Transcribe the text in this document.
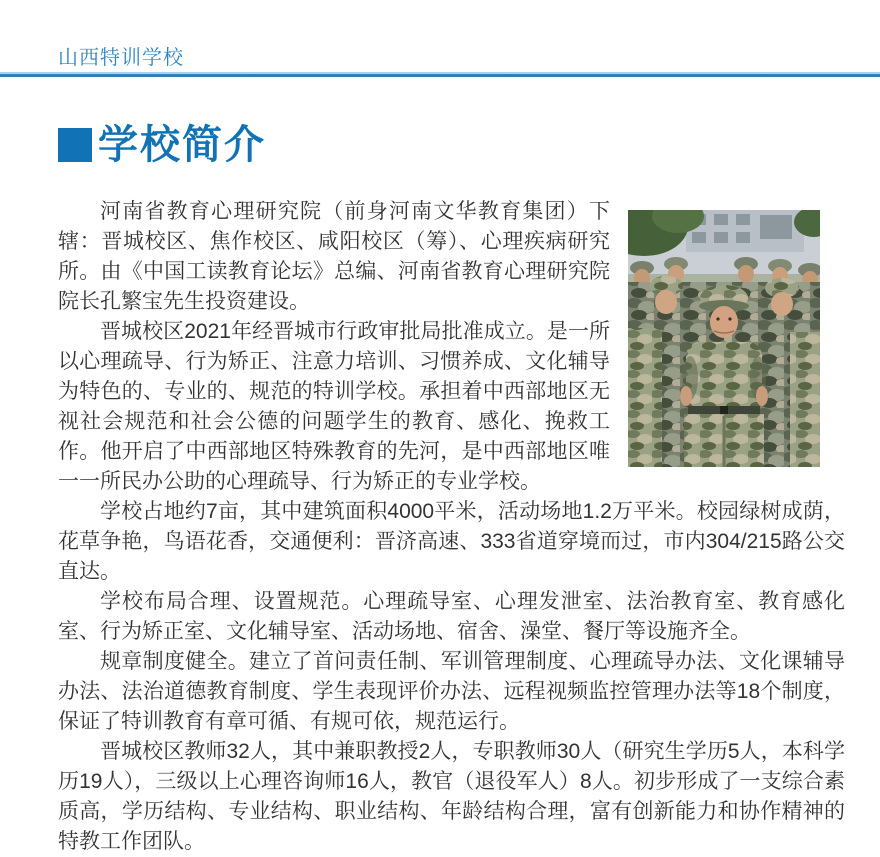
山西特训学校
学校简介

河南省教育心理研究院（前身河南文华教育集团）下辖：晋城校区、焦作校区、咸阳校区（筹）、心理疾病研究所。由《中国工读教育论坛》总编、河南省教育心理研究院院长孔繁宝先生投资建设。

晋城校区2021年经晋城市行政审批局批准成立。是一所以心理疏导、行为矫正、注意力培训、习惯养成、文化辅导为特色的、专业的、规范的特训学校。承担着中西部地区无视社会规范和社会公德的问题学生的教育、感化、挽救工作。他开启了中西部地区特殊教育的先河，是中西部地区唯一一所民办公助的心理疏导、行为矫正的专业学校。

学校占地约7亩，其中建筑面积4000平米，活动场地1.2万平米。校园绿树成荫，花草争艳，鸟语花香，交通便利：晋济高速、333省道穿境而过，市内304/215路公交直达。

学校布局合理、设置规范。心理疏导室、心理发泄室、法治教育室、教育感化室、行为矫正室、文化辅导室、活动场地、宿舍、澡堂、餐厅等设施齐全。

规章制度健全。建立了首问责任制、军训管理制度、心理疏导办法、文化课辅导办法、法治道德教育制度、学生表现评价办法、远程视频监控管理办法等18个制度，保证了特训教育有章可循、有规可依，规范运行。

晋城校区教师32人，其中兼职教授2人，专职教师30人（研究生学历5人，本科学历19人），三级以上心理咨询师16人，教官（退役军人）8人。初步形成了一支综合素质高，学历结构、专业结构、职业结构、年龄结构合理，富有创新能力和协作精神的特教工作团队。
